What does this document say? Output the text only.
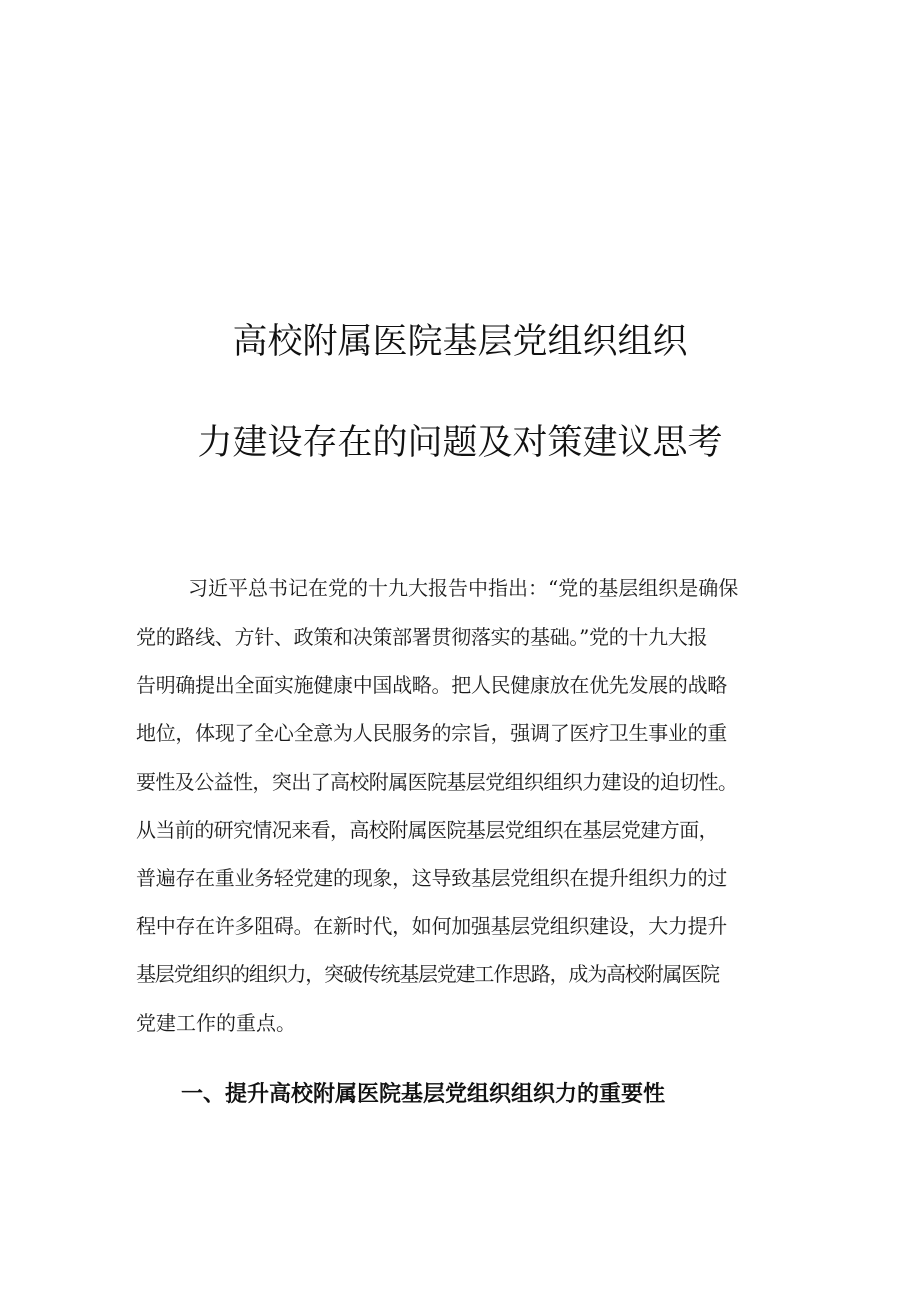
高校附属医院基层党组织组织
力建设存在的问题及对策建议思考
习近平总书记在党的十九大报告中指出：“党的基层组织是确保
党的路线、方针、政策和决策部署贯彻落实的基础。”党的十九大报
告明确提出全面实施健康中国战略。把人民健康放在优先发展的战略
地位，体现了全心全意为人民服务的宗旨，强调了医疗卫生事业的重
要性及公益性，突出了高校附属医院基层党组织组织力建设的迫切性。
从当前的研究情况来看，高校附属医院基层党组织在基层党建方面，
普遍存在重业务轻党建的现象，这导致基层党组织在提升组织力的过
程中存在许多阻碍。在新时代，如何加强基层党组织建设，大力提升
基层党组织的组织力，突破传统基层党建工作思路，成为高校附属医院
党建工作的重点。
一、提升高校附属医院基层党组织组织力的重要性
